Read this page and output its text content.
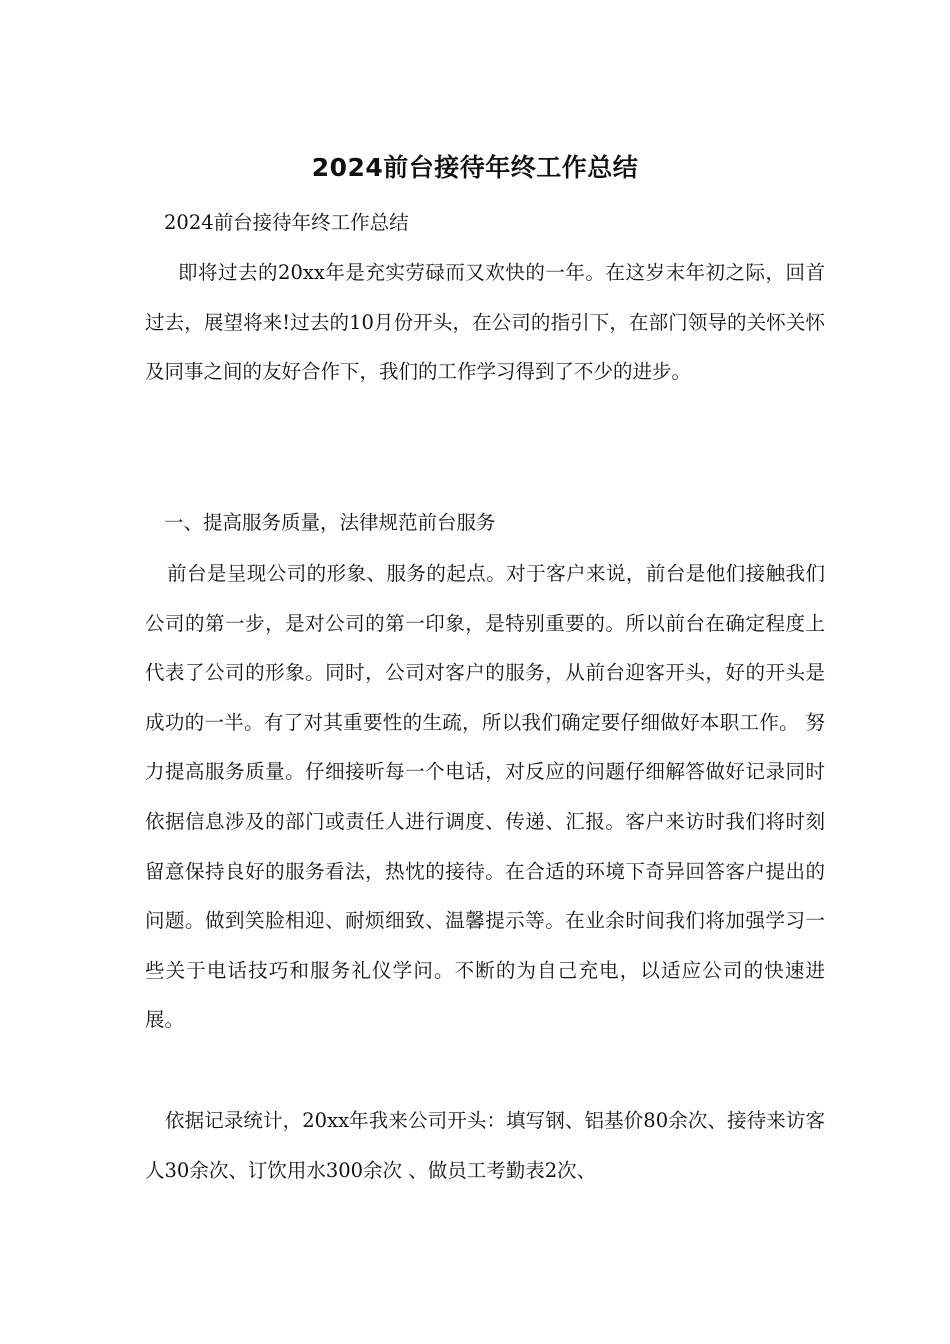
2024前台接待年终工作总结
2024前台接待年终工作总结
即将过去的20xx年是充实劳碌而又欢快的一年。在这岁末年初之际，回首过去，展望将来!过去的10月份开头，在公司的指引下，在部门领导的关怀关怀及同事之间的友好合作下，我们的工作学习得到了不少的进步。
一、提高服务质量，法律规范前台服务
前台是呈现公司的形象、服务的起点。对于客户来说，前台是他们接触我们公司的第一步，是对公司的第一印象，是特别重要的。所以前台在确定程度上代表了公司的形象。同时，公司对客户的服务，从前台迎客开头，好的开头是成功的一半。有了对其重要性的生疏，所以我们确定要仔细做好本职工作。 努力提高服务质量。仔细接听每一个电话，对反应的问题仔细解答做好记录同时依据信息涉及的部门或责任人进行调度、传递、汇报。客户来访时我们将时刻留意保持良好的服务看法，热忱的接待。在合适的环境下奇异回答客户提出的问题。做到笑脸相迎、耐烦细致、温馨提示等。在业余时间我们将加强学习一些关于电话技巧和服务礼仪学问。不断的为自己充电，以适应公司的快速进展。
依据记录统计，20xx年我来公司开头：填写钢、铝基价80余次、接待来访客人30余次、订饮用水300余次 、做员工考勤表2次、
